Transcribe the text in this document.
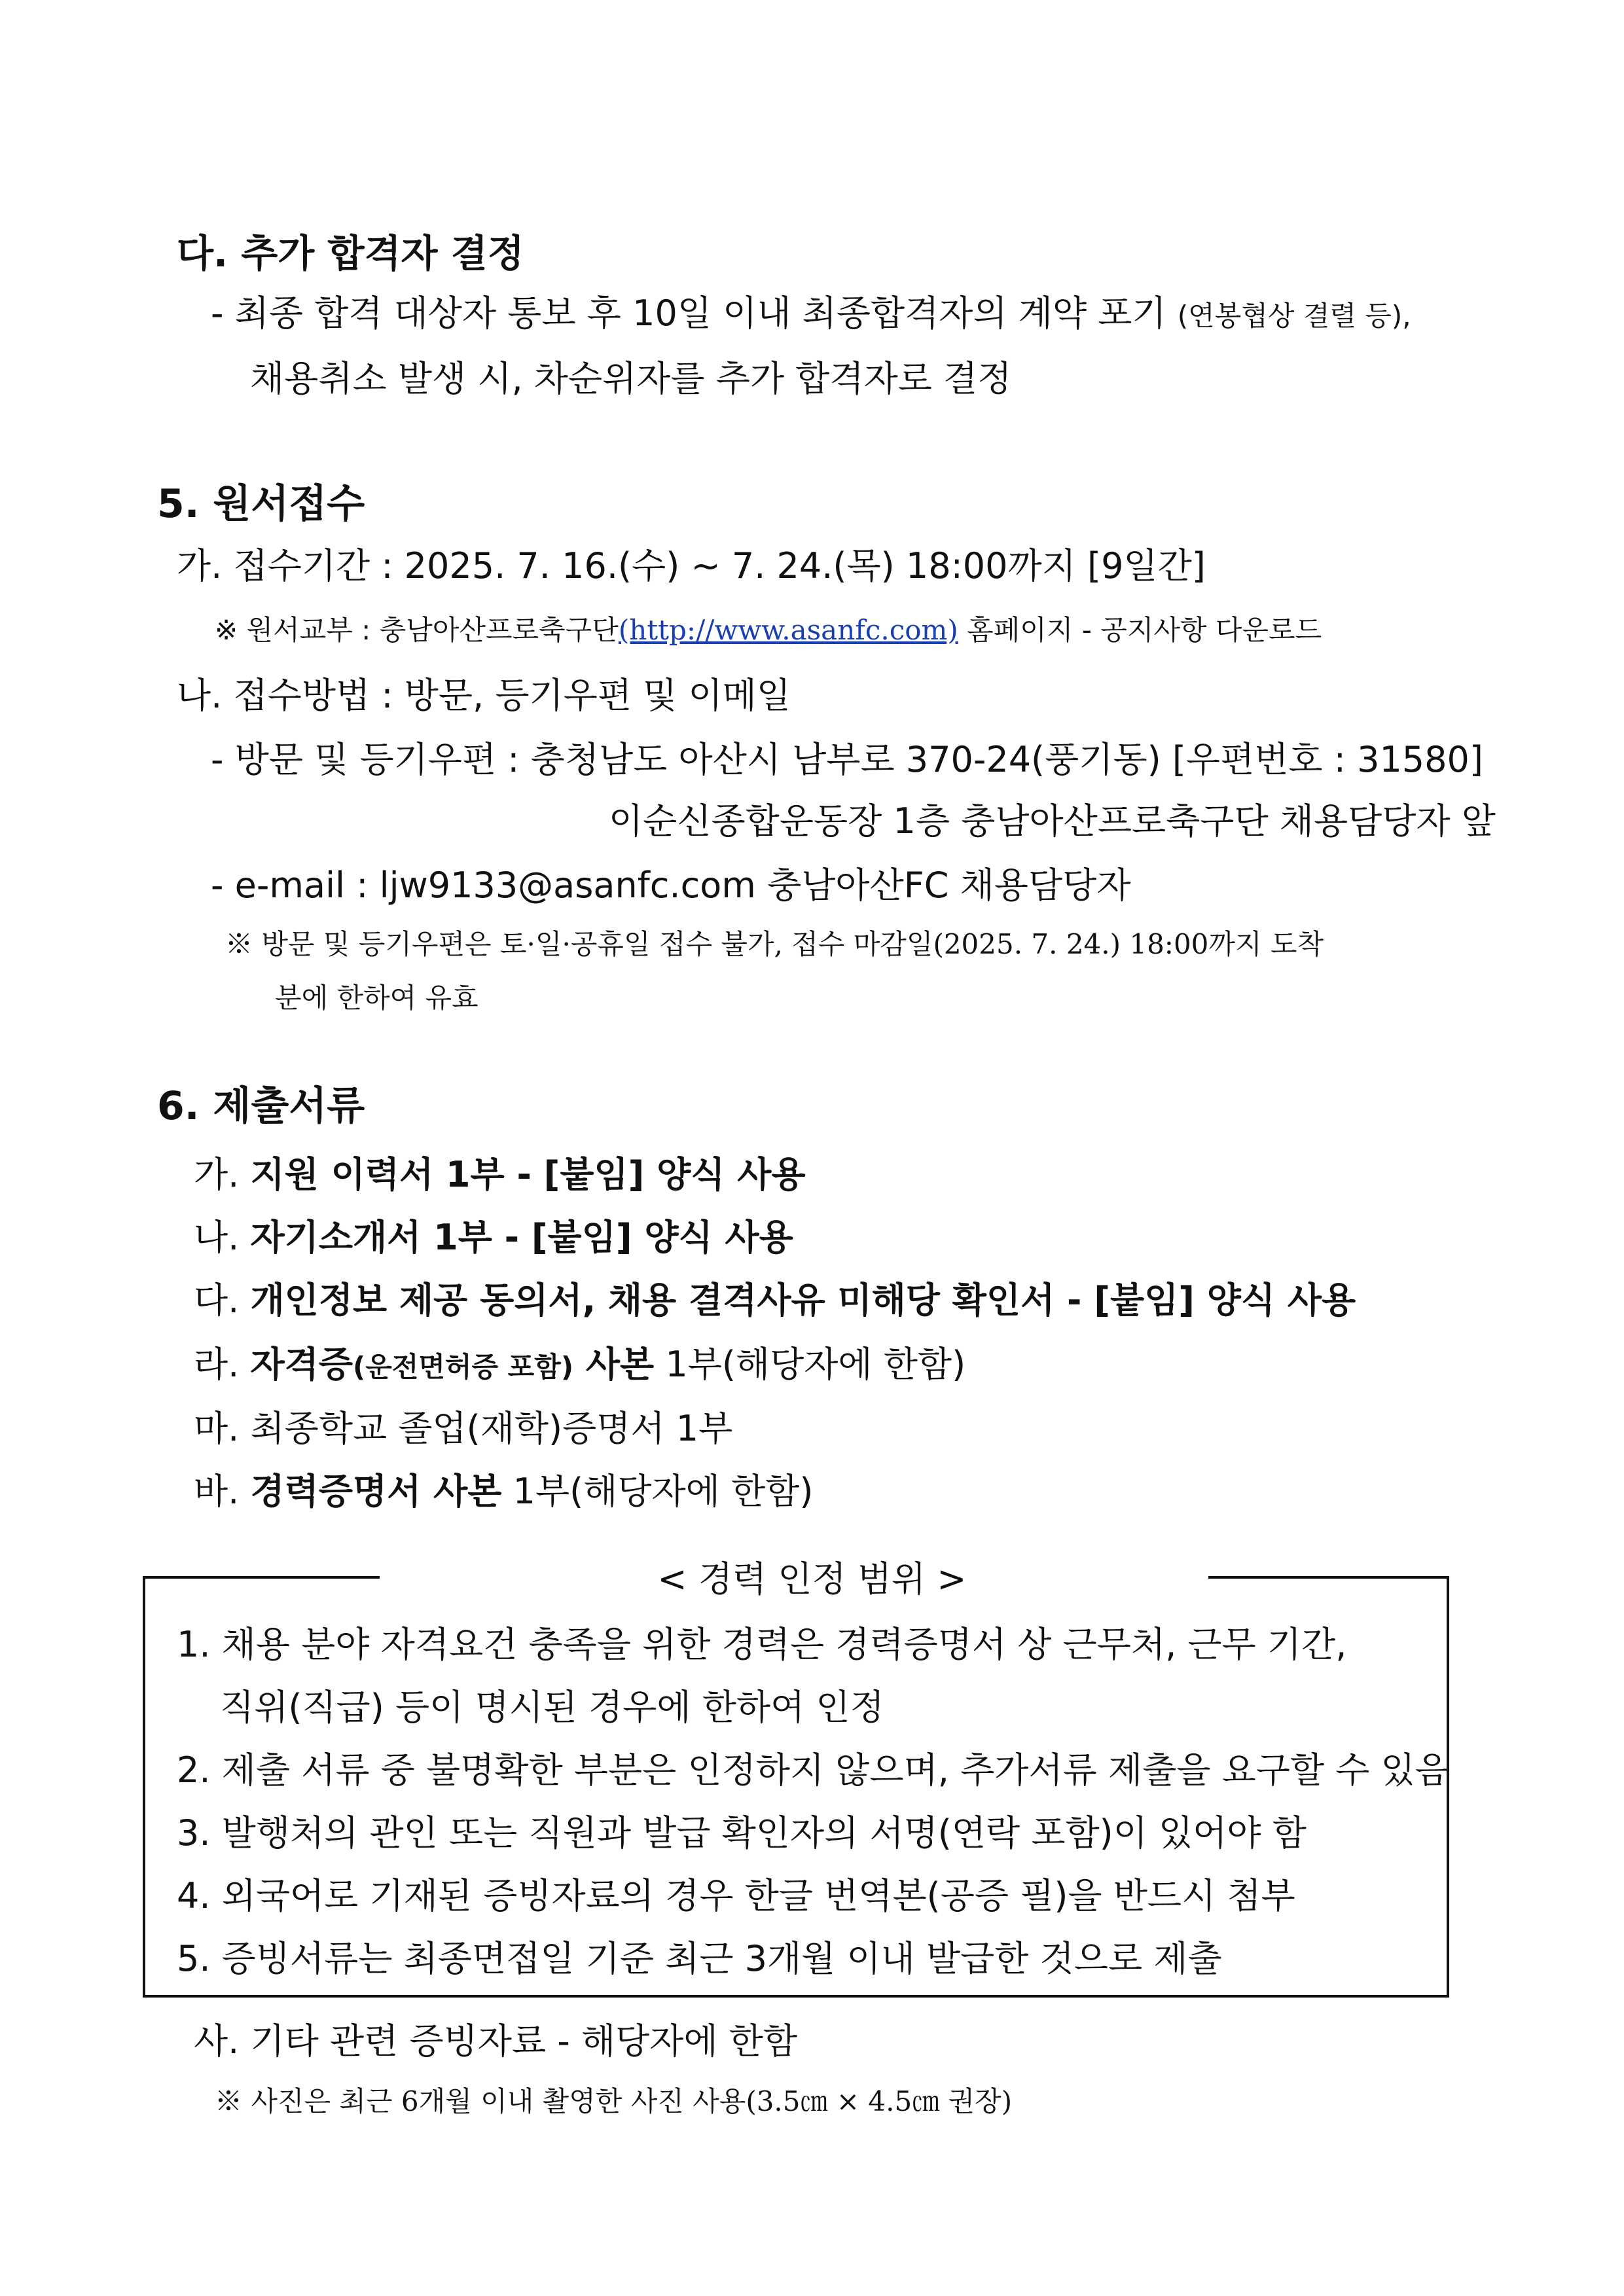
다. 추가 합격자 결정
- 최종 합격 대상자 통보 후 10일 이내 최종합격자의 계약 포기 (연봉협상 결렬 등),
채용취소 발생 시, 차순위자를 추가 합격자로 결정
5. 원서접수
가. 접수기간 : 2025. 7. 16.(수) ~ 7. 24.(목) 18:00까지 [9일간]
※ 원서교부 : 충남아산프로축구단(http://www.asanfc.com) 홈페이지 - 공지사항 다운로드
나. 접수방법 : 방문, 등기우편 및 이메일
- 방문 및 등기우편 : 충청남도 아산시 남부로 370-24(풍기동) [우편번호 : 31580]
이순신종합운동장 1층 충남아산프로축구단 채용담당자 앞
- e-mail : ljw9133@asanfc.com 충남아산FC 채용담당자
※ 방문 및 등기우편은 토·일·공휴일 접수 불가, 접수 마감일(2025. 7. 24.) 18:00까지 도착
분에 한하여 유효
6. 제출서류
가. 지원 이력서 1부 - [붙임] 양식 사용
나. 자기소개서 1부 - [붙임] 양식 사용
다. 개인정보 제공 동의서, 채용 결격사유 미해당 확인서 - [붙임] 양식 사용
라. 자격증(운전면허증 포함) 사본 1부(해당자에 한함)
마. 최종학교 졸업(재학)증명서 1부
바. 경력증명서 사본 1부(해당자에 한함)
< 경력 인정 범위 >
1. 채용 분야 자격요건 충족을 위한 경력은 경력증명서 상 근무처, 근무 기간,
직위(직급) 등이 명시된 경우에 한하여 인정
2. 제출 서류 중 불명확한 부분은 인정하지 않으며, 추가서류 제출을 요구할 수 있음
3. 발행처의 관인 또는 직원과 발급 확인자의 서명(연락 포함)이 있어야 함
4. 외국어로 기재된 증빙자료의 경우 한글 번역본(공증 필)을 반드시 첨부
5. 증빙서류는 최종면접일 기준 최근 3개월 이내 발급한 것으로 제출
사. 기타 관련 증빙자료 - 해당자에 한함
※ 사진은 최근 6개월 이내 촬영한 사진 사용(3.5㎝ × 4.5㎝ 권장)
